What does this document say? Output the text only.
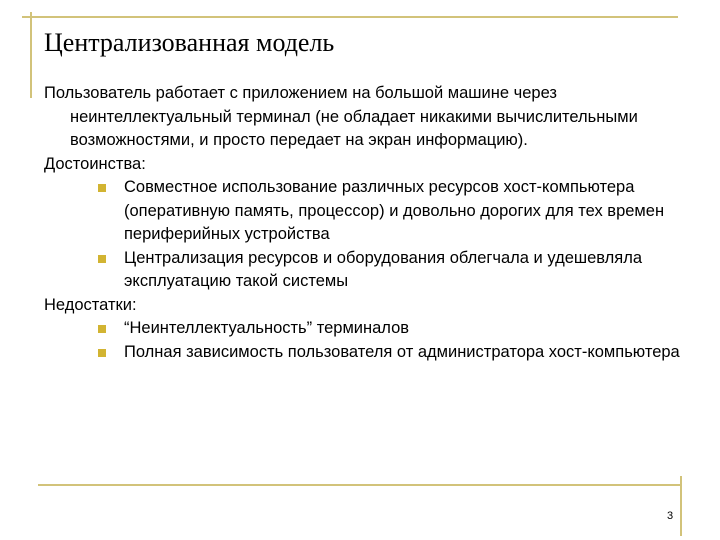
Централизованная модель

Пользователь работает с приложением на большой машине через неинтеллектуальный терминал (не обладает никакими вычислительными возможностями, и просто передает на экран информацию).

Достоинства:

Совместное использование различных ресурсов хост-компьютера (оперативную память, процессор) и довольно дорогих для тех времен периферийных устройства

Централизация ресурсов и оборудования облегчала и удешевляла эксплуатацию такой системы

Недостатки:

“Неинтеллектуальность” терминалов

Полная зависимость пользователя от администратора хост-компьютера

3
